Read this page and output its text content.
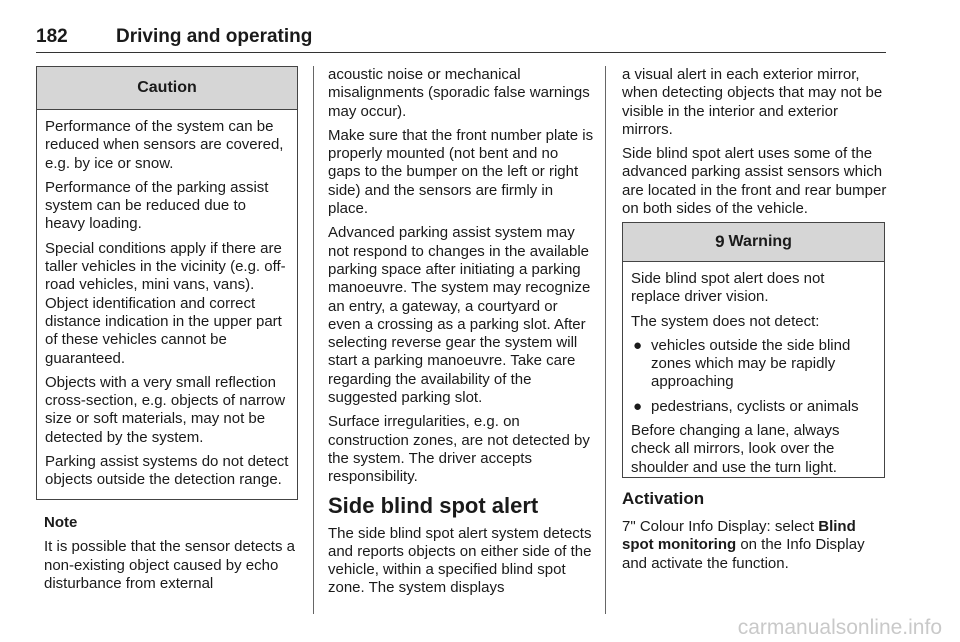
182	Driving and operating
Caution

Performance of the system can be reduced when sensors are covered, e.g. by ice or snow.

Performance of the parking assist system can be reduced due to heavy loading.

Special conditions apply if there are taller vehicles in the vicinity (e.g. off-road vehicles, mini vans, vans). Object identification and correct distance indication in the upper part of these vehicles cannot be guaranteed.

Objects with a very small reflection cross-section, e.g. objects of narrow size or soft materials, may not be detected by the system.

Parking assist systems do not detect objects outside the detection range.

Note

It is possible that the sensor detects a non-existing object caused by echo disturbance from external

acoustic noise or mechanical misalignments (sporadic false warnings may occur).

Make sure that the front number plate is properly mounted (not bent and no gaps to the bumper on the left or right side) and the sensors are firmly in place.

Advanced parking assist system may not respond to changes in the available parking space after initiating a parking manoeuvre. The system may recognize an entry, a gateway, a courtyard or even a crossing as a parking slot. After selecting reverse gear the system will start a parking manoeuvre. Take care regarding the availability of the suggested parking slot.

Surface irregularities, e.g. on construction zones, are not detected by the system. The driver accepts responsibility.

Side blind spot alert

The side blind spot alert system detects and reports objects on either side of the vehicle, within a specified blind spot zone. The system displays

a visual alert in each exterior mirror, when detecting objects that may not be visible in the interior and exterior mirrors.

Side blind spot alert uses some of the advanced parking assist sensors which are located in the front and rear bumper on both sides of the vehicle.

9 Warning

Side blind spot alert does not replace driver vision.

The system does not detect:

● vehicles outside the side blind zones which may be rapidly approaching
● pedestrians, cyclists or animals

Before changing a lane, always check all mirrors, look over the shoulder and use the turn light.

Activation

7" Colour Info Display: select Blind spot monitoring on the Info Display and activate the function.

carmanualsonline.info
